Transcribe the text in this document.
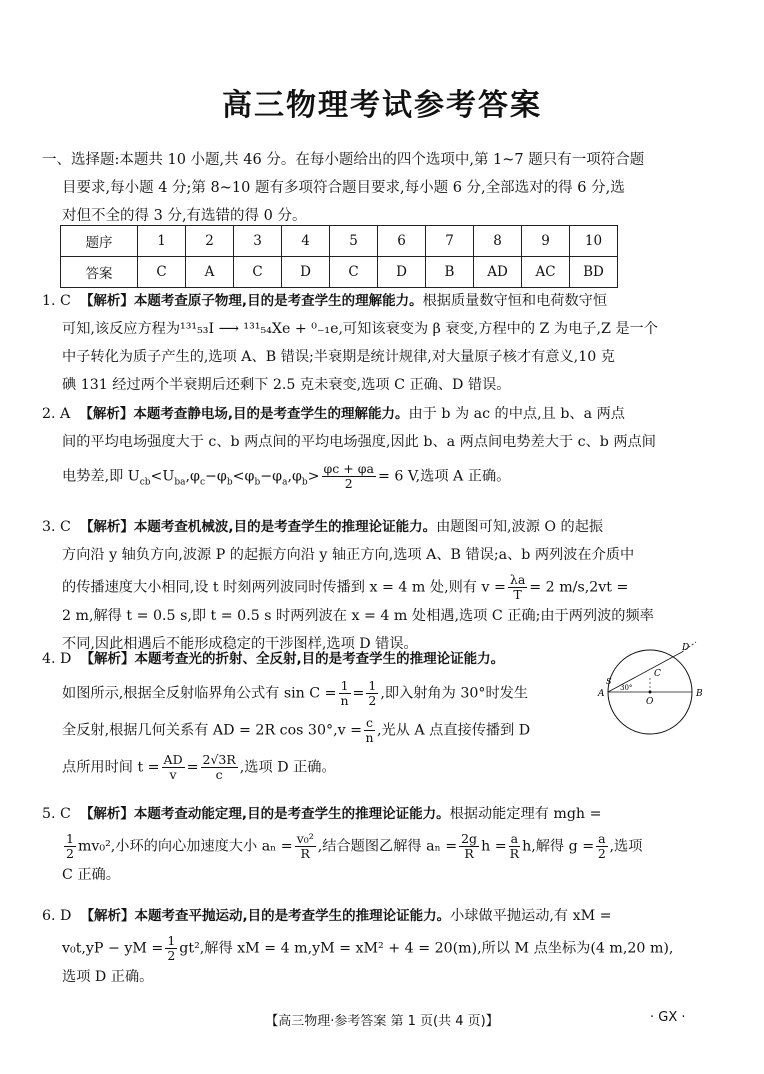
高三物理考试参考答案
一、选择题:本题共 10 小题,共 46 分。在每小题给出的四个选项中,第 1~7 题只有一项符合题
目要求,每小题 4 分;第 8~10 题有多项符合题目要求,每小题 6 分,全部选对的得 6 分,选
对但不全的得 3 分,有选错的得 0 分。
题序	1	2	3	4	5	6	7	8	9	10
答案	C	A	C	D	C	D	B	AD	AC	BD

1. C 【解析】本题考查原子物理,目的是考查学生的理解能力。根据质量数守恒和电荷数守恒

可知,该反应方程为¹³¹₅₃I ⟶ ¹³¹₅₄Xe + ⁰₋₁e,可知该衰变为 β 衰变,方程中的 Z 为电子,Z 是一个

中子转化为质子产生的,选项 A、B 错误;半衰期是统计规律,对大量原子核才有意义,10 克

碘 131 经过两个半衰期后还剩下 2.5 克未衰变,选项 C 正确、D 错误。

2. A 【解析】本题考查静电场,目的是考查学生的理解能力。由于 b 为 ac 的中点,且 b、a 两点

间的平均电场强度大于 c、b 两点间的平均电场强度,因此 b、a 两点间电势差大于 c、b 两点间

电势差,即 $U_{cb}<U_{ba},\varphi_c-\varphi_b<\varphi_b-\varphi_a,\varphi_b> \frac{\varphi c + \varphi a}{2} = 6$ V,选项 A 正确。

3. C 【解析】本题考查机械波,目的是考查学生的推理论证能力。由题图可知,波源 O 的起振

方向沿 y 轴负方向,波源 P 的起振方向沿 y 轴正方向,选项 A、B 错误;a、b 两列波在介质中

的传播速度大小相同,设 t 时刻两列波同时传播到 x = 4 m 处,则有 $v = \frac{\lambda a}{T} = 2$ m/s,2vt =

2 m,解得 t = 0.5 s,即 t = 0.5 s 时两列波在 x = 4 m 处相遇,选项 C 正确;由于两列波的频率

不同,因此相遇后不能形成稳定的干涉图样,选项 D 错误。

4. D 【解析】本题考查光的折射、全反射,目的是考查学生的推理论证能力。

如图所示,根据全反射临界角公式有 $\sin C = \frac{1}{n} = \frac{1}{2}$ ,即入射角为 30°时发生

全反射,根据几何关系有 AD = 2R $\cos 30^\circ,v = \frac{c}{n}$ ,光从 A 点直接传播到 D

点所用时间 $t = \frac{AD}{v} = \frac{2√3R}{c}$ ,选项 D 正确。

A	B
C
D
O
S
30°

5. C 【解析】本题考查动能定理,目的是考查学生的推理论证能力。根据动能定理有 mgh =

$\frac{1}{2} mv_0^2$,小环的向心加速度大小 $a_n = \frac{\text{v₀²}}{R}$ ,结合题图乙解得 $a_n = \frac{2g}{R}$ $h = \frac{a}{R} h$,解得 $g = \frac{a}{2}$ ,选项

C 正确。

6. D 【解析】本题考查平抛运动,目的是考查学生的推理论证能力。小球做平抛运动,有 xM =

v₀t,yP − yM = $\frac{1}{2} gt^2$,解得 xM = 4 m,yM = xM² + 4 = 20(m),所以 M 点坐标为(4 m,20 m),

选项 D 正确。

【高三物理·参考答案 第 1 页(共 4 页)】	· GX ·
